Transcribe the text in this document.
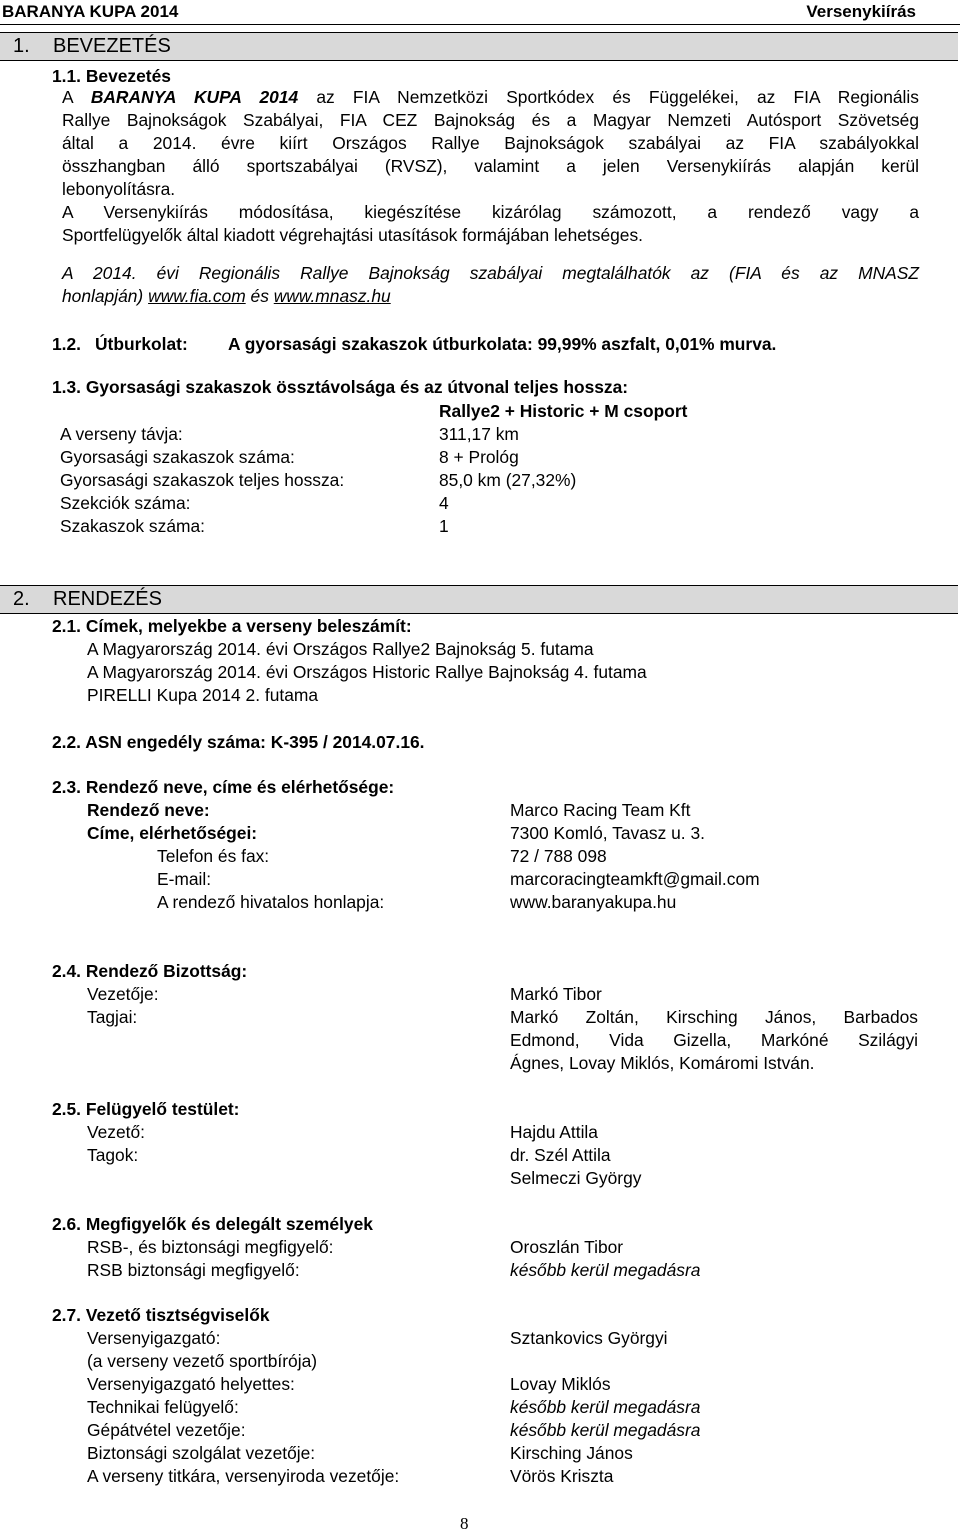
BARANYA KUPA 2014	Versenykiírás
1. BEVEZETÉS
1.1. Bevezetés
A BARANYA KUPA 2014 az FIA Nemzetközi Sportkódex és Függelékei, az FIA Regionális
Rallye Bajnokságok Szabályai, FIA CEZ Bajnokság és a Magyar Nemzeti Autósport Szövetség
által a 2014. évre kiírt Országos Rallye Bajnokságok szabályai az FIA szabályokkal
összhangban álló sportszabályai (RVSZ), valamint a jelen Versenykiírás alapján kerül
lebonyolításra.
A Versenykiírás módosítása, kiegészítése kizárólag számozott, a rendező vagy a
Sportfelügyelők által kiadott végrehajtási utasítások formájában lehetséges.
A 2014. évi Regionális Rallye Bajnokság szabályai megtalálhatók az (FIA és az MNASZ
honlapján) www.fia.com és www.mnasz.hu
1.2. Útburkolat: A gyorsasági szakaszok útburkolata: 99,99% aszfalt, 0,01% murva.
1.3. Gyorsasági szakaszok össztávolsága és az útvonal teljes hossza:
Rallye2 + Historic + M csoport
A verseny távja:	311,17 km
Gyorsasági szakaszok száma:	8 + Prológ
Gyorsasági szakaszok teljes hossza:	85,0 km (27,32%)
Szekciók száma:	4
Szakaszok száma:	1
2. RENDEZÉS
2.1. Címek, melyekbe a verseny beleszámít:
A Magyarország 2014. évi Országos Rallye2 Bajnokság 5. futama
A Magyarország 2014. évi Országos Historic Rallye Bajnokság 4. futama
PIRELLI Kupa 2014 2. futama
2.2. ASN engedély száma: K-395 / 2014.07.16.
2.3. Rendező neve, címe és elérhetősége:
Rendező neve:	Marco Racing Team Kft
Címe, elérhetőségei:	7300 Komló, Tavasz u. 3.
Telefon és fax:	72 / 788 098
E-mail:	marcoracingteamkft@gmail.com
A rendező hivatalos honlapja:	www.baranyakupa.hu
2.4. Rendező Bizottság:
Vezetője:	Markó Tibor
Tagjai:	Markó Zoltán, Kirsching János, Barbados
Edmond, Vida Gizella, Markóné Szilágyi
Ágnes, Lovay Miklós, Komáromi István.
2.5. Felügyelő testület:
Vezető:	Hajdu Attila
Tagok:	dr. Szél Attila
Selmeczi György
2.6. Megfigyelők és delegált személyek
RSB-, és biztonsági megfigyelő:	Oroszlán Tibor
RSB biztonsági megfigyelő:	később kerül megadásra
2.7. Vezető tisztségviselők
Versenyigazgató:	Sztankovics Györgyi
(a verseny vezető sportbírója)
Versenyigazgató helyettes:	Lovay Miklós
Technikai felügyelő:	később kerül megadásra
Gépátvétel vezetője:	később kerül megadásra
Biztonsági szolgálat vezetője:	Kirsching János
A verseny titkára, versenyiroda vezetője:	Vörös Kriszta
8
